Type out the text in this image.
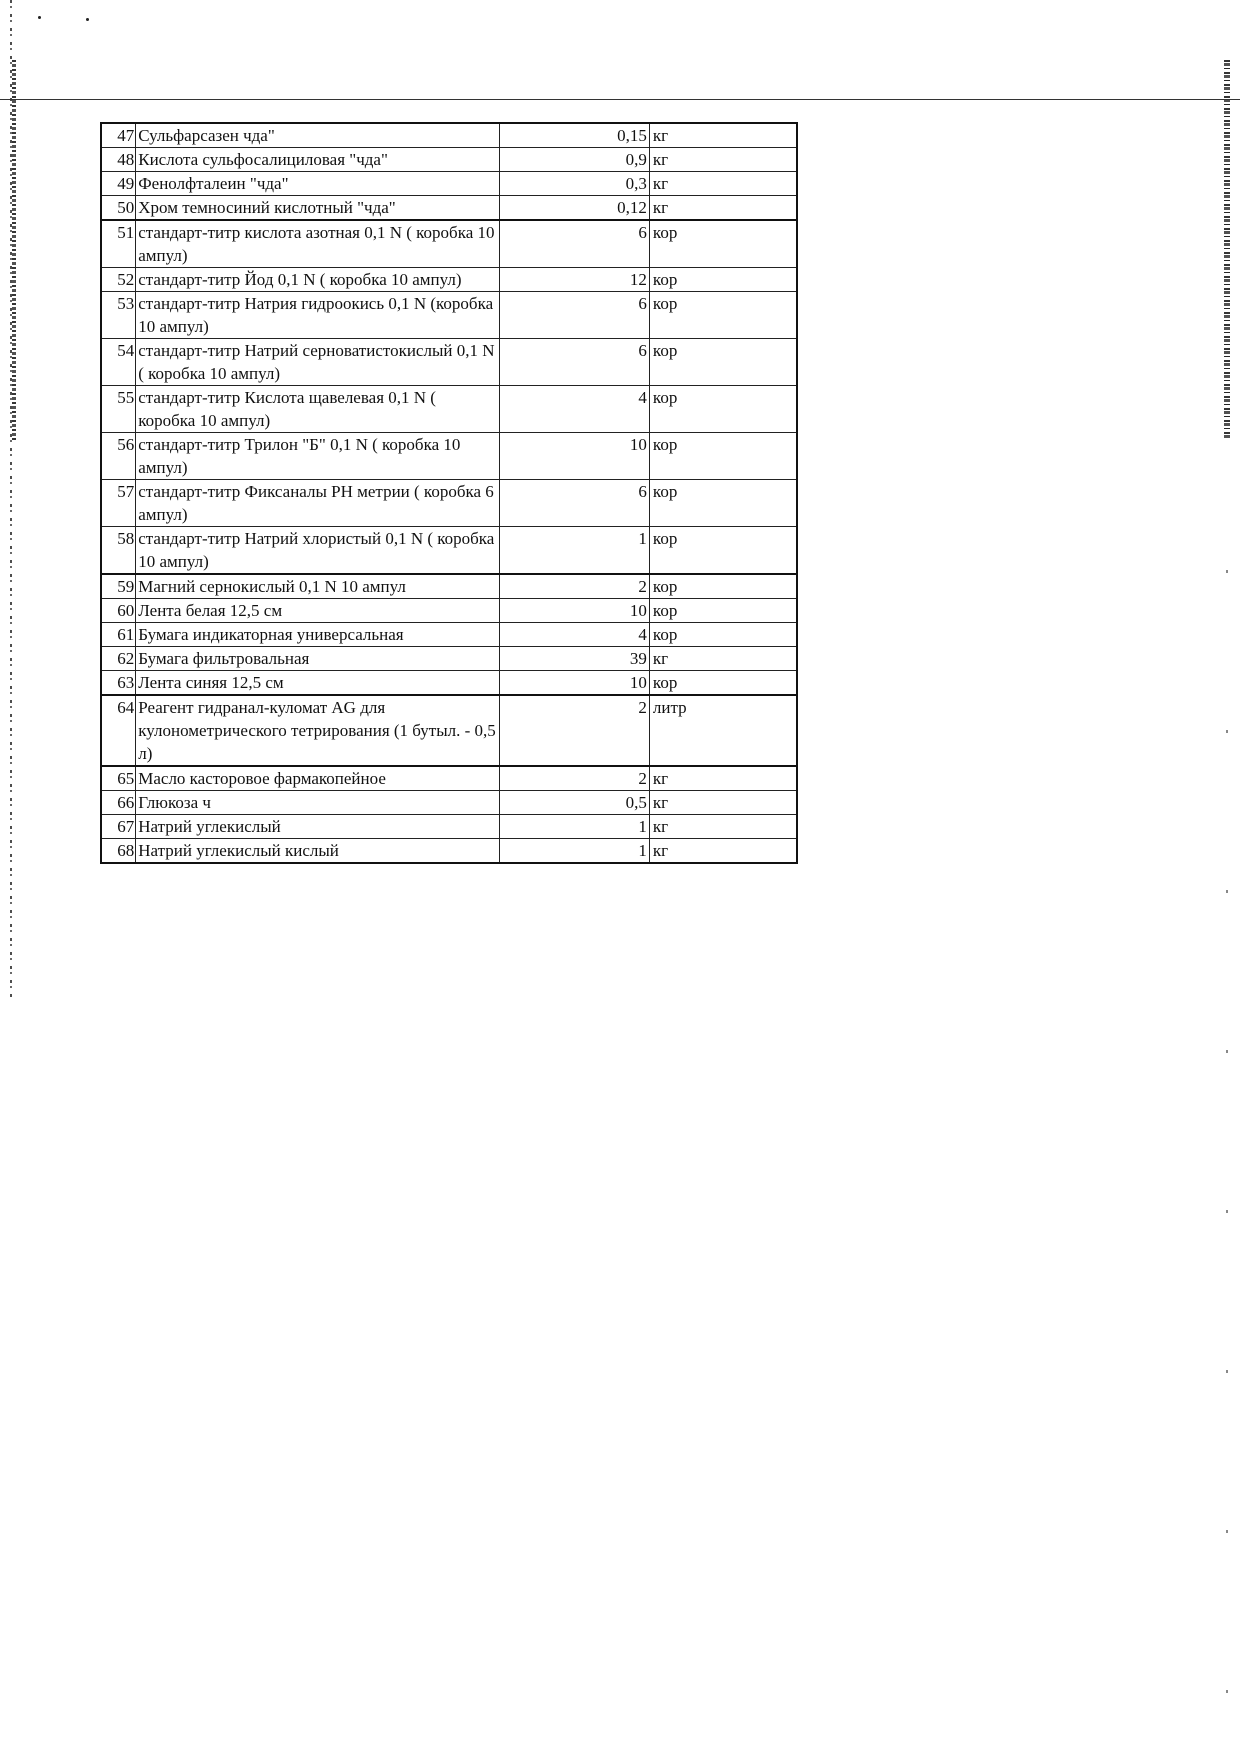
47	Сульфарсазен чда"	0,15	кг
48	Кислота сульфосалициловая "чда"	0,9	кг
49	Фенолфталеин "чда"	0,3	кг
50	Хром темносиний кислотный "чда"	0,12	кг
51	стандарт-титр кислота азотная 0,1 N ( коробка 10 ампул)	6	кор
52	стандарт-титр Йод 0,1 N ( коробка 10 ампул)	12	кор
53	стандарт-титр Натрия гидроокись 0,1 N (коробка 10 ампул)	6	кор
54	стандарт-титр Натрий серноватистокислый 0,1 N ( коробка 10 ампул)	6	кор
55	стандарт-титр Кислота щавелевая 0,1 N ( коробка 10 ампул)	4	кор
56	стандарт-титр Трилон "Б" 0,1 N ( коробка 10 ампул)	10	кор
57	стандарт-титр Фиксаналы РН метрии ( коробка 6 ампул)	6	кор
58	стандарт-титр Натрий хлористый 0,1 N ( коробка 10 ампул)	1	кор
59	Магний сернокислый 0,1 N 10 ампул	2	кор
60	Лента белая 12,5 см	10	кор
61	Бумага индикаторная универсальная	4	кор
62	Бумага фильтровальная	39	кг
63	Лента синяя 12,5 см	10	кор
64	Реагент гидранал-куломат AG для кулонометрического тетрирования (1 бутыл. - 0,5 л)	2	литр
65	Масло касторовое фармакопейное	2	кг
66	Глюкоза ч	0,5	кг
67	Натрий углекислый	1	кг
68	Натрий углекислый кислый	1	кг
